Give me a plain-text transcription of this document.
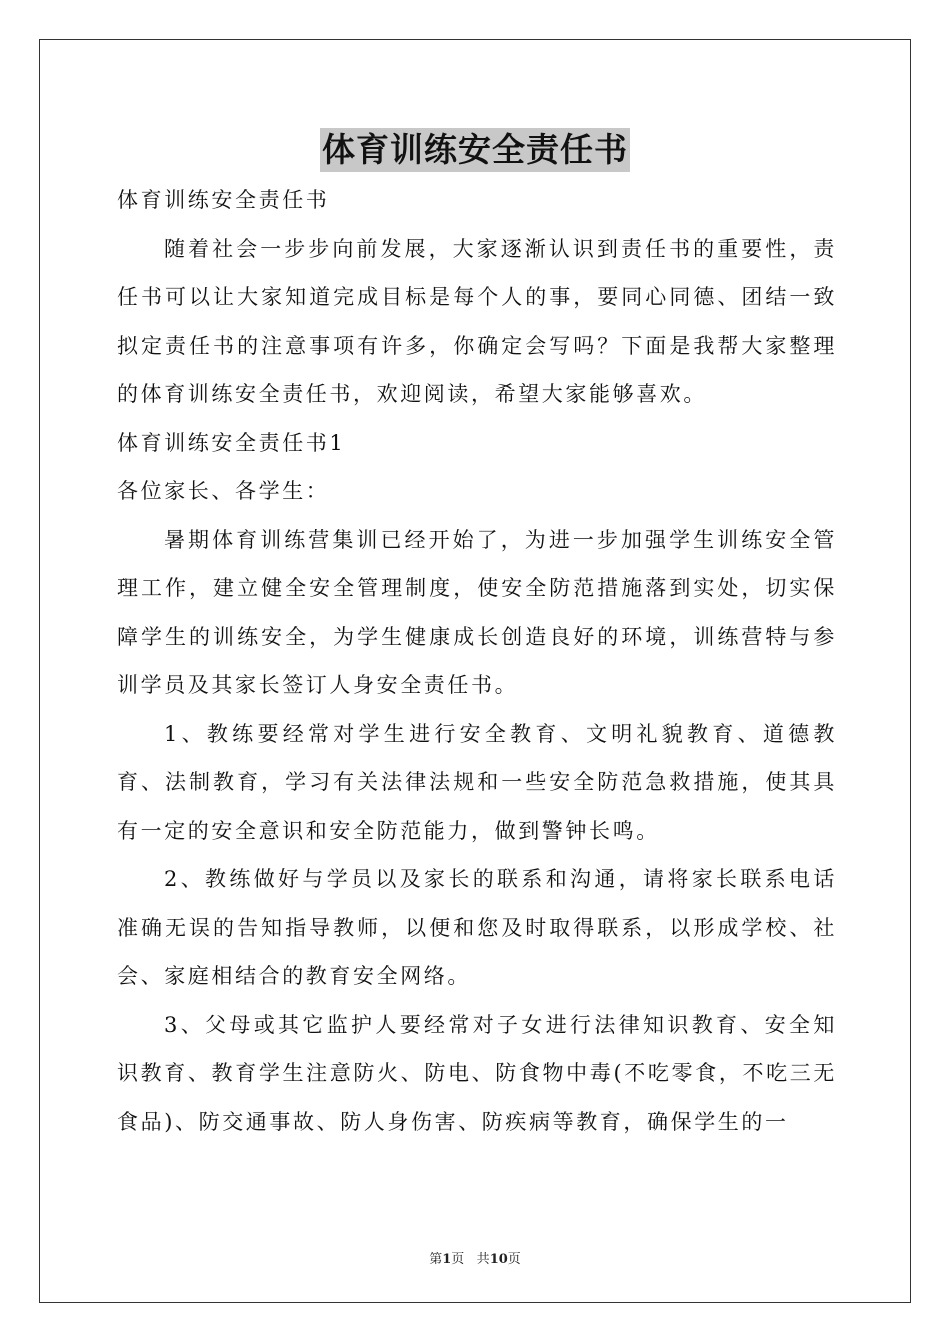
体育训练安全责任书

体育训练安全责任书

随着社会一步步向前发展，大家逐渐认识到责任书的重要性，责任书可以让大家知道完成目标是每个人的事，要同心同德、团结一致拟定责任书的注意事项有许多，你确定会写吗？下面是我帮大家整理的体育训练安全责任书，欢迎阅读，希望大家能够喜欢。

体育训练安全责任书1

各位家长、各学生：

暑期体育训练营集训已经开始了，为进一步加强学生训练安全管理工作，建立健全安全管理制度，使安全防范措施落到实处，切实保障学生的训练安全，为学生健康成长创造良好的环境，训练营特与参训学员及其家长签订人身安全责任书。

1、教练要经常对学生进行安全教育、文明礼貌教育、道德教育、法制教育，学习有关法律法规和一些安全防范急救措施，使其具有一定的安全意识和安全防范能力，做到警钟长鸣。

2、教练做好与学员以及家长的联系和沟通，请将家长联系电话准确无误的告知指导教师，以便和您及时取得联系，以形成学校、社会、家庭相结合的教育安全网络。

3、父母或其它监护人要经常对子女进行法律知识教育、安全知识教育、教育学生注意防火、防电、防食物中毒(不吃零食，不吃三无食品)、防交通事故、防人身伤害、防疾病等教育，确保学生的一

第1页 共10页
